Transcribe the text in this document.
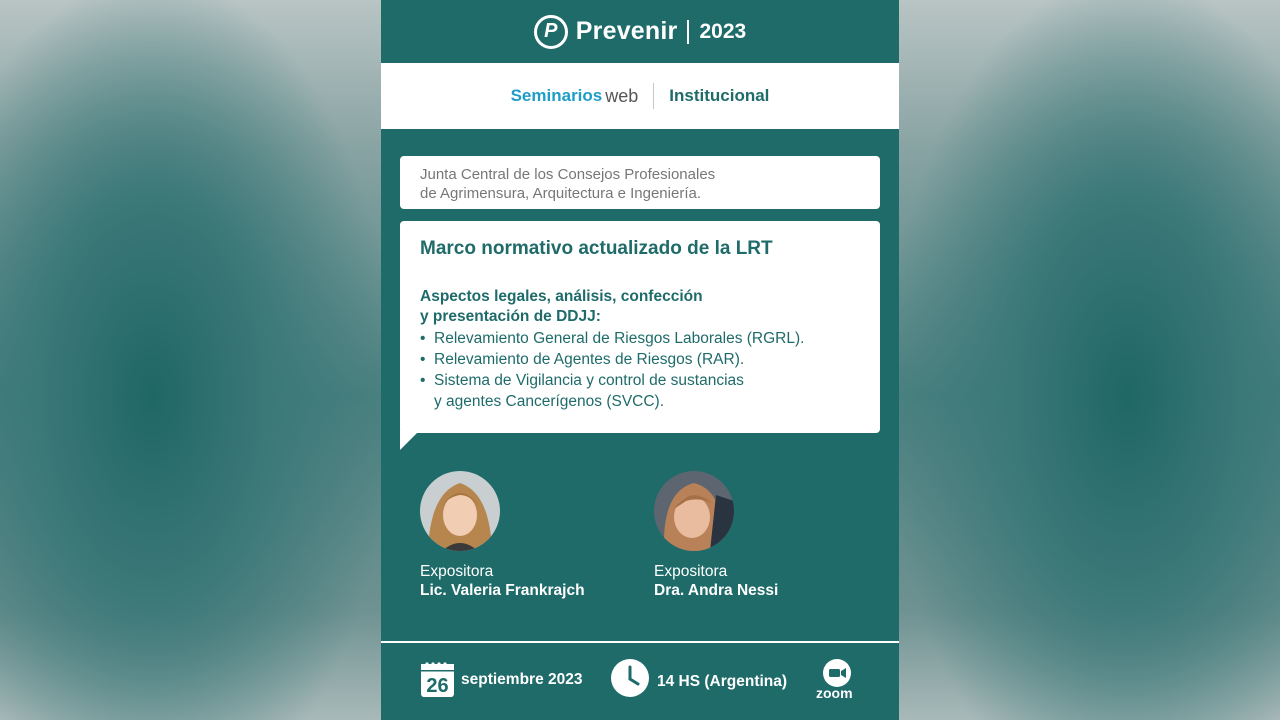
P Prevenir 2023
Seminarios web Institucional
Junta Central de los Consejos Profesionales
de Agrimensura, Arquitectura e Ingeniería.
Marco normativo actualizado de la LRT
Aspectos legales, análisis, confección
y presentación de DDJJ:
• Relevamiento General de Riesgos Laborales (RGRL).
• Relevamiento de Agentes de Riesgos (RAR).
• Sistema de Vigilancia y control de sustancias
y agentes Cancerígenos (SVCC).
Expositora
Lic. Valeria Frankrajch
Expositora
Dra. Andra Nessi
26 septiembre 2023	14 HS (Argentina)
zoom
